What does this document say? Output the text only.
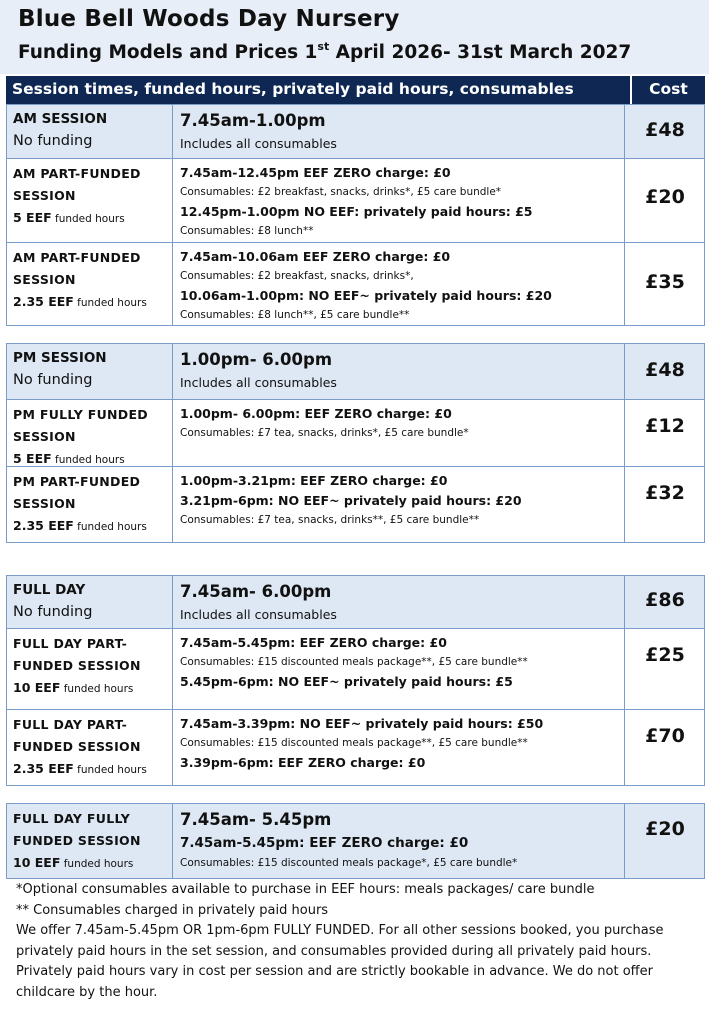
Blue Bell Woods Day Nursery
Funding Models and Prices 1st April 2026- 31st March 2027
Session times, funded hours, privately paid hours, consumables	Cost
AM SESSION
No funding
7.45am-1.00pm
Includes all consumables
£48
AM PART-FUNDED
SESSION
5 EEF funded hours
7.45am-12.45pm EEF ZERO charge: £0
Consumables: £2 breakfast, snacks, drinks*, £5 care bundle*
12.45pm-1.00pm NO EEF: privately paid hours: £5
Consumables: £8 lunch**
£20
AM PART-FUNDED
SESSION
2.35 EEF funded hours
7.45am-10.06am EEF ZERO charge: £0
Consumables: £2 breakfast, snacks, drinks*,
10.06am-1.00pm: NO EEF~ privately paid hours: £20
Consumables: £8 lunch**, £5 care bundle**
£35
PM SESSION
No funding
1.00pm- 6.00pm
Includes all consumables
£48
PM FULLY FUNDED
SESSION
5 EEF funded hours
1.00pm- 6.00pm: EEF ZERO charge: £0
Consumables: £7 tea, snacks, drinks*, £5 care bundle*	£12
PM PART-FUNDED
SESSION
2.35 EEF funded hours
1.00pm-3.21pm: EEF ZERO charge: £0
3.21pm-6pm: NO EEF~ privately paid hours: £20
Consumables: £7 tea, snacks, drinks**, £5 care bundle**
£32
FULL DAY
No funding
7.45am- 6.00pm
Includes all consumables
£86
FULL DAY PART-
FUNDED SESSION
10 EEF funded hours
7.45am-5.45pm: EEF ZERO charge: £0
Consumables: £15 discounted meals package**, £5 care bundle**
5.45pm-6pm: NO EEF~ privately paid hours: £5
£25
FULL DAY PART-
FUNDED SESSION
2.35 EEF funded hours
7.45am-3.39pm: NO EEF~ privately paid hours: £50
Consumables: £15 discounted meals package**, £5 care bundle**
3.39pm-6pm: EEF ZERO charge: £0
£70
FULL DAY FULLY
FUNDED SESSION
10 EEF funded hours
7.45am- 5.45pm
7.45am-5.45pm: EEF ZERO charge: £0
Consumables: £15 discounted meals package*, £5 care bundle*
£20
*Optional consumables available to purchase in EEF hours: meals packages/ care bundle
** Consumables charged in privately paid hours
We offer 7.45am-5.45pm OR 1pm-6pm FULLY FUNDED. For all other sessions booked, you purchase privately paid hours in the set session, and consumables provided during all privately paid hours. Privately paid hours vary in cost per session and are strictly bookable in advance. We do not offer childcare by the hour.
